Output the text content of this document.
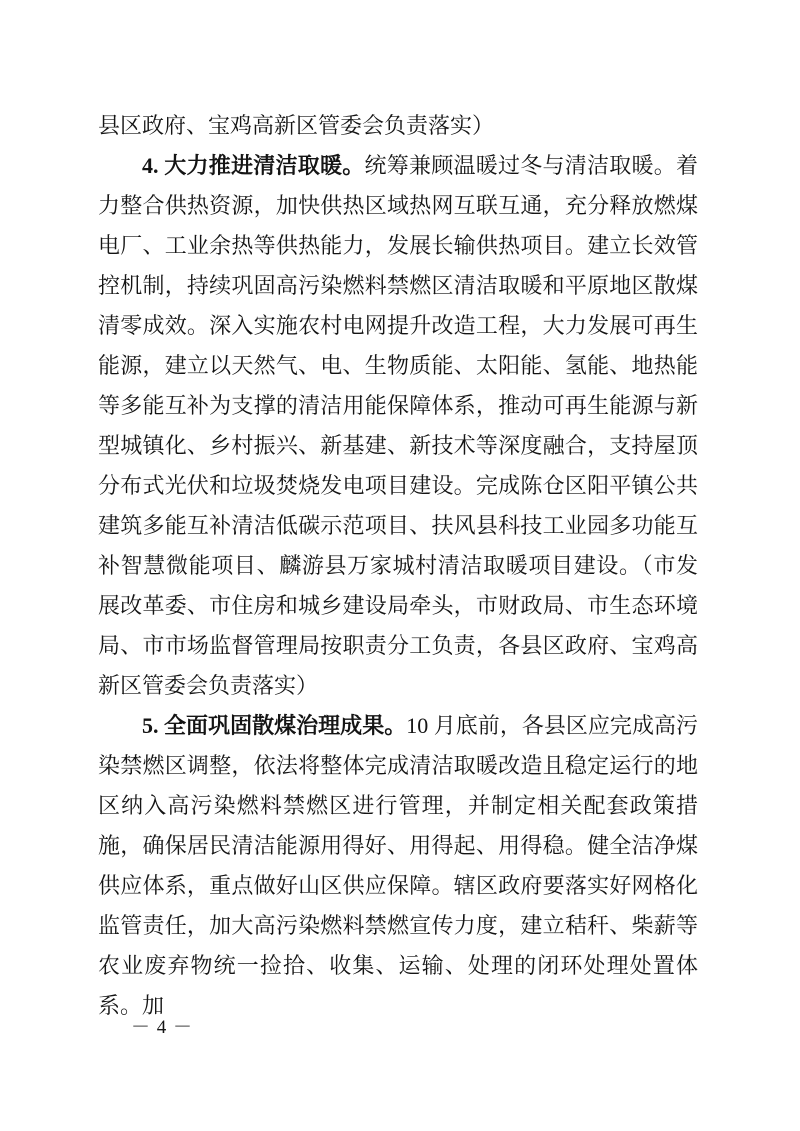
县区政府、宝鸡高新区管委会负责落实）

4. 大力推进清洁取暖。统筹兼顾温暖过冬与清洁取暖。着力整合供热资源，加快供热区域热网互联互通，充分释放燃煤电厂、工业余热等供热能力，发展长输供热项目。建立长效管控机制，持续巩固高污染燃料禁燃区清洁取暖和平原地区散煤清零成效。深入实施农村电网提升改造工程，大力发展可再生能源，建立以天然气、电、生物质能、太阳能、氢能、地热能等多能互补为支撑的清洁用能保障体系，推动可再生能源与新型城镇化、乡村振兴、新基建、新技术等深度融合，支持屋顶分布式光伏和垃圾焚烧发电项目建设。完成陈仓区阳平镇公共建筑多能互补清洁低碳示范项目、扶风县科技工业园多功能互补智慧微能项目、麟游县万家城村清洁取暖项目建设。（市发展改革委、市住房和城乡建设局牵头，市财政局、市生态环境局、市市场监督管理局按职责分工负责，各县区政府、宝鸡高新区管委会负责落实）

5. 全面巩固散煤治理成果。10 月底前，各县区应完成高污染禁燃区调整，依法将整体完成清洁取暖改造且稳定运行的地区纳入高污染燃料禁燃区进行管理，并制定相关配套政策措施，确保居民清洁能源用得好、用得起、用得稳。健全洁净煤供应体系，重点做好山区供应保障。辖区政府要落实好网格化监管责任，加大高污染燃料禁燃宣传力度，建立秸秆、柴薪等农业废弃物统一捡拾、收集、运输、处理的闭环处理处置体系。加

－ 4 －
